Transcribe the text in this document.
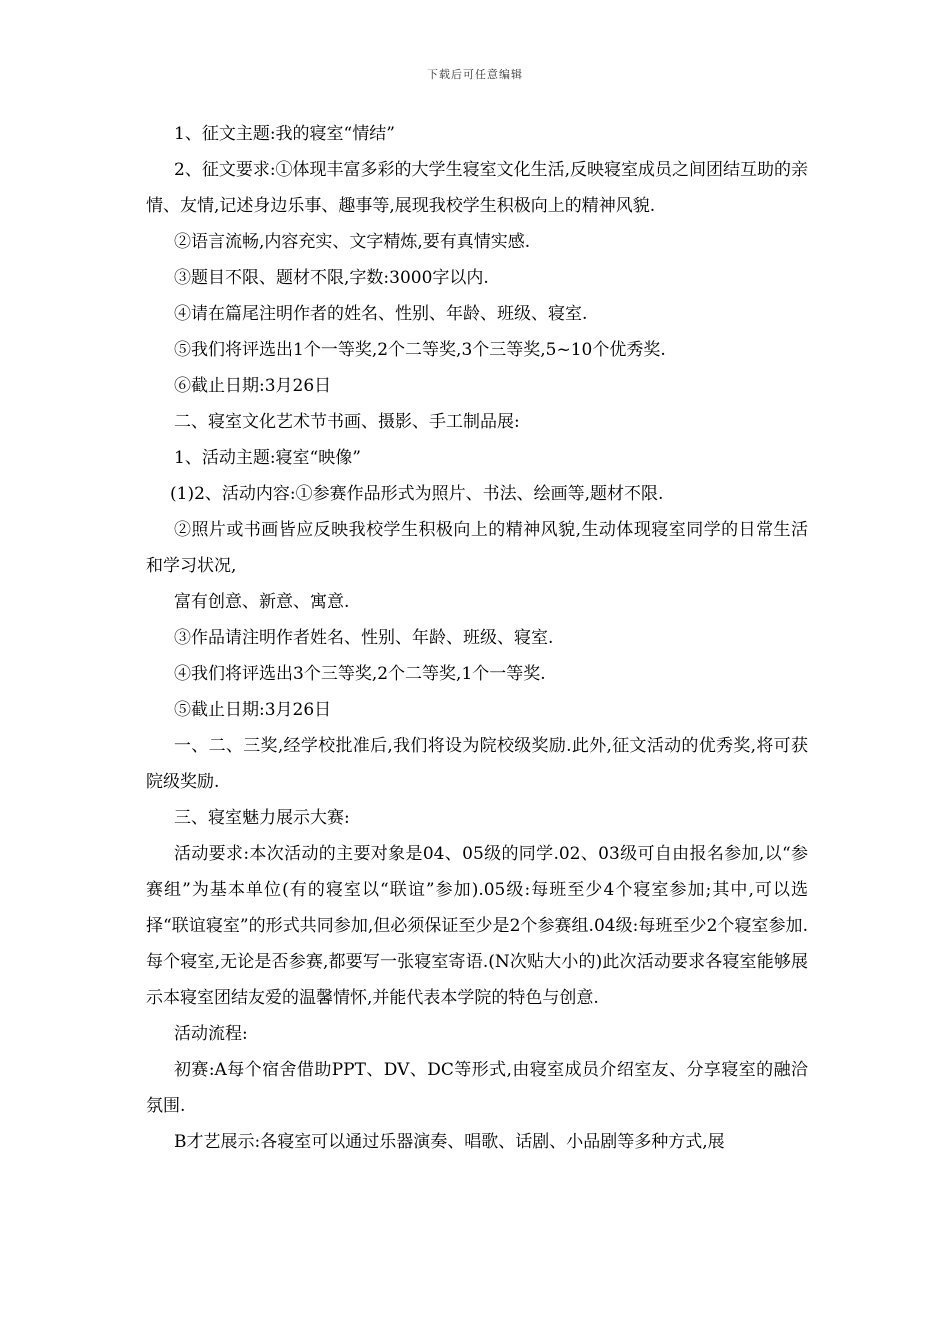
下载后可任意编辑

1、征文主题:我的寝室“情结”

2、征文要求:①体现丰富多彩的大学生寝室文化生活,反映寝室成员之间团结互助的亲情、友情,记述身边乐事、趣事等,展现我校学生积极向上的精神风貌.

②语言流畅,内容充实、文字精炼,要有真情实感.

③题目不限、题材不限,字数:3000字以内.

④请在篇尾注明作者的姓名、性别、年龄、班级、寝室.

⑤我们将评选出1个一等奖,2个二等奖,3个三等奖,5~10个优秀奖.

⑥截止日期:3月26日

二、寝室文化艺术节书画、摄影、手工制品展:

1、活动主题:寝室“映像”

(1)2、活动内容:①参赛作品形式为照片、书法、绘画等,题材不限.

②照片或书画皆应反映我校学生积极向上的精神风貌,生动体现寝室同学的日常生活和学习状况,

富有创意、新意、寓意.

③作品请注明作者姓名、性别、年龄、班级、寝室.

④我们将评选出3个三等奖,2个二等奖,1个一等奖.

⑤截止日期:3月26日

一、二、三奖,经学校批准后,我们将设为院校级奖励.此外,征文活动的优秀奖,将可获院级奖励.

三、寝室魅力展示大赛:

活动要求:本次活动的主要对象是04、05级的同学.02、03级可自由报名参加,以“参赛组”为基本单位(有的寝室以“联谊”参加).05级:每班至少4个寝室参加;其中,可以选择“联谊寝室”的形式共同参加,但必须保证至少是2个参赛组.04级:每班至少2个寝室参加.每个寝室,无论是否参赛,都要写一张寝室寄语.(N次贴大小的)此次活动要求各寝室能够展示本寝室团结友爱的温馨情怀,并能代表本学院的特色与创意.

活动流程:

初赛:A每个宿舍借助PPT、DV、DC等形式,由寝室成员介绍室友、分享寝室的融洽氛围.

B才艺展示:各寝室可以通过乐器演奏、唱歌、话剧、小品剧等多种方式,展
